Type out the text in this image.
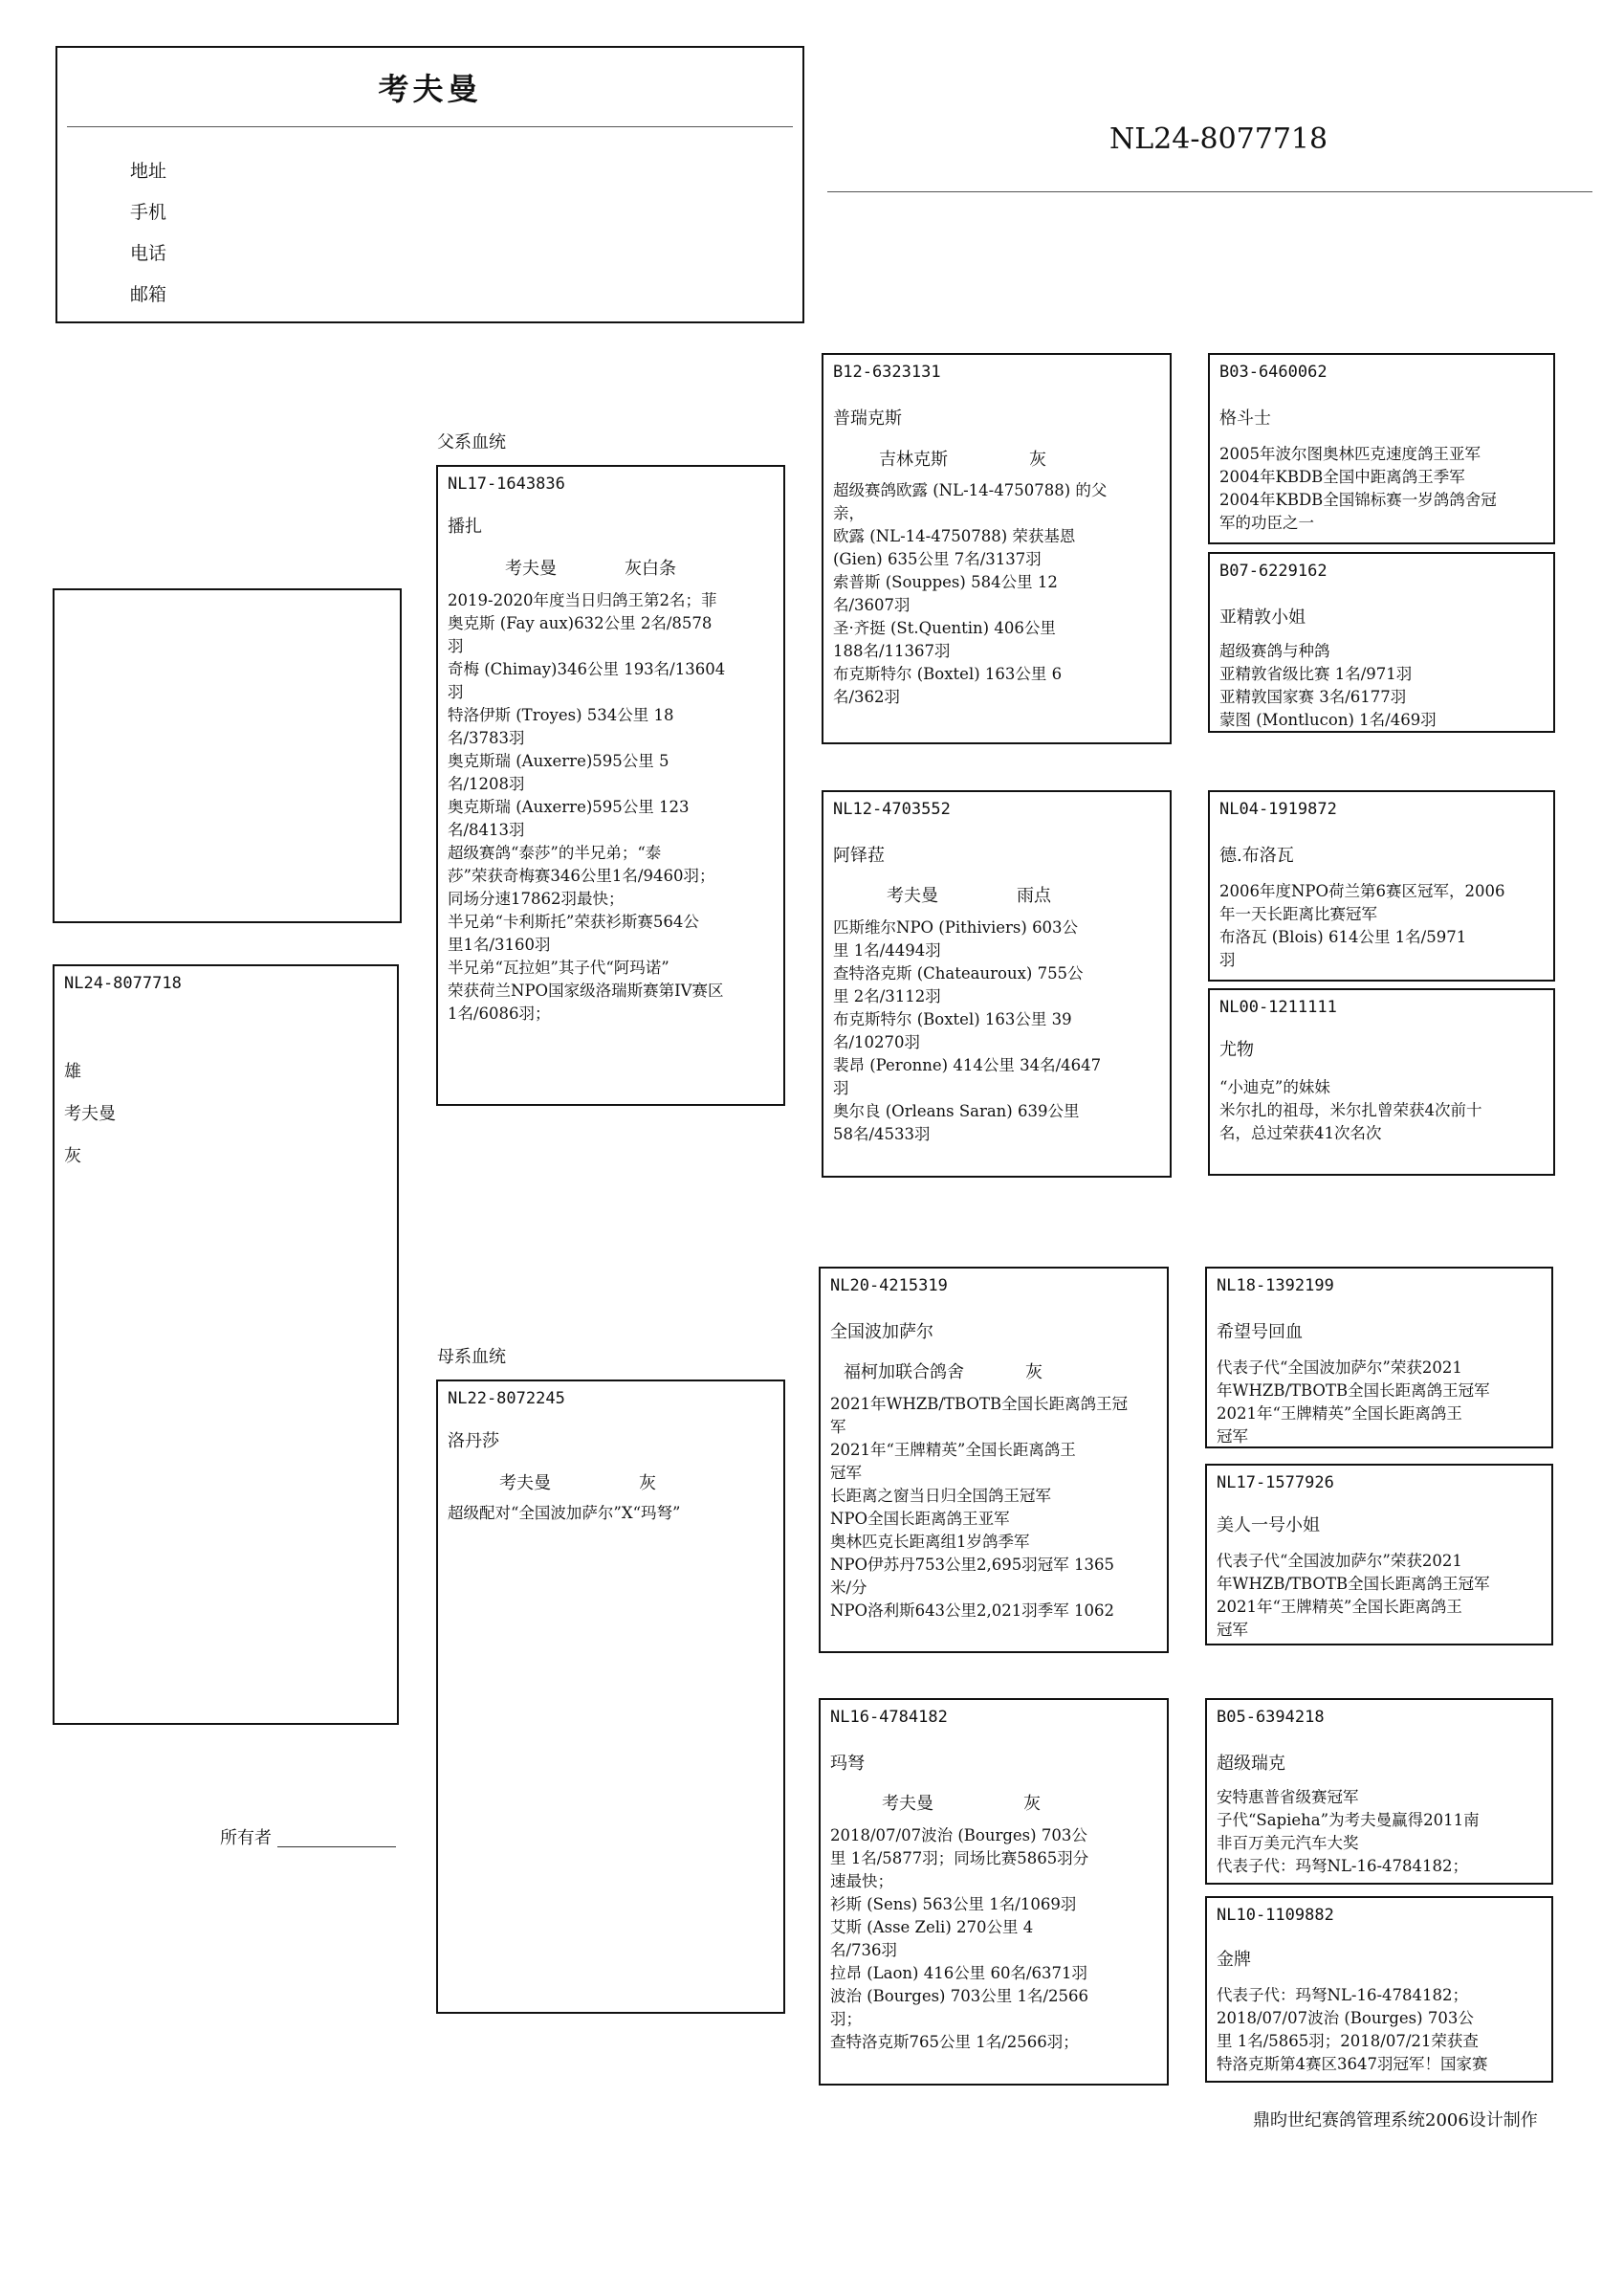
考夫曼
地址
手机
电话
邮箱
NL24-8077718
NL24-8077718
雄
考夫曼
灰
父系血统
母系血统
NL17-1643836
播扎
考夫曼	灰白条
2019-2020年度当日归鸽王第2名；菲
奥克斯 (Fay aux)632公里 2名/8578
羽
奇梅 (Chimay)346公里 193名/13604
羽
特洛伊斯 (Troyes) 534公里 18
名/3783羽
奥克斯瑞 (Auxerre)595公里 5
名/1208羽
奥克斯瑞 (Auxerre)595公里 123
名/8413羽
超级赛鸽“泰莎”的半兄弟；“泰
莎”荣获奇梅赛346公里1名/9460羽；
同场分速17862羽最快；
半兄弟“卡利斯托”荣获衫斯赛564公
里1名/3160羽
半兄弟“瓦拉妲”其子代“阿玛诺”
荣获荷兰NPO国家级洛瑞斯赛第IV赛区
1名/6086羽；
NL22-8072245
洛丹莎
考夫曼	灰
超级配对“全国波加萨尔”X“玛弩”
B12-6323131
普瑞克斯
吉林克斯	灰
超级赛鸽欧露 (NL-14-4750788) 的父
亲，
欧露 (NL-14-4750788) 荣获基恩
(Gien) 635公里 7名/3137羽
索普斯 (Souppes) 584公里 12
名/3607羽
圣·齐挺 (St.Quentin) 406公里
188名/11367羽
布克斯特尔 (Boxtel) 163公里 6
名/362羽
NL12-4703552
阿铎菈
考夫曼	雨点
匹斯维尔NPO (Pithiviers) 603公
里 1名/4494羽
查特洛克斯 (Chateauroux) 755公
里 2名/3112羽
布克斯特尔 (Boxtel) 163公里 39
名/10270羽
裴昂 (Peronne) 414公里 34名/4647
羽
奥尔良 (Orleans Saran) 639公里
58名/4533羽
NL20-4215319
全国波加萨尔
福柯加联合鸽舍	灰
2021年WHZB/TBOTB全国长距离鸽王冠
军
2021年“王牌精英”全国长距离鸽王
冠军
长距离之窗当日归全国鸽王冠军
NPO全国长距离鸽王亚军
奥林匹克长距离组1岁鸽季军
NPO伊苏丹753公里2,695羽冠军 1365
米/分
NPO洛利斯643公里2,021羽季军 1062
NL16-4784182
玛弩
考夫曼	灰
2018/07/07波治 (Bourges) 703公
里 1名/5877羽；同场比赛5865羽分
速最快；
衫斯 (Sens) 563公里 1名/1069羽
艾斯 (Asse Zeli) 270公里 4
名/736羽
拉昂 (Laon) 416公里 60名/6371羽
波治 (Bourges) 703公里 1名/2566
羽；
查特洛克斯765公里 1名/2566羽；
B03-6460062
格斗士
2005年波尔图奥林匹克速度鸽王亚军
2004年KBDB全国中距离鸽王季军
2004年KBDB全国锦标赛一岁鸽鸽舍冠
军的功臣之一
B07-6229162
亚精敦小姐
超级赛鸽与种鸽
亚精敦省级比赛 1名/971羽
亚精敦国家赛 3名/6177羽
蒙图 (Montlucon) 1名/469羽
NL04-1919872
德.布洛瓦
2006年度NPO荷兰第6赛区冠军，2006
年一天长距离比赛冠军
布洛瓦 (Blois) 614公里 1名/5971
羽
NL00-1211111
尤物
“小迪克”的妹妹
米尔扎的祖母，米尔扎曾荣获4次前十
名，总过荣获41次名次
NL18-1392199
希望号回血
代表子代“全国波加萨尔”荣获2021
年WHZB/TBOTB全国长距离鸽王冠军
2021年“王牌精英”全国长距离鸽王
冠军
NL17-1577926
美人一号小姐
代表子代“全国波加萨尔”荣获2021
年WHZB/TBOTB全国长距离鸽王冠军
2021年“王牌精英”全国长距离鸽王
冠军
B05-6394218
超级瑞克
安特惠普省级赛冠军
子代“Sapieha”为考夫曼赢得2011南
非百万美元汽车大奖
代表子代：玛弩NL-16-4784182；
NL10-1109882
金牌
代表子代：玛弩NL-16-4784182；
2018/07/07波治 (Bourges) 703公
里 1名/5865羽；2018/07/21荣获查
特洛克斯第4赛区3647羽冠军！国家赛
所有者
鼎昀世纪赛鸽管理系统2006设计制作
